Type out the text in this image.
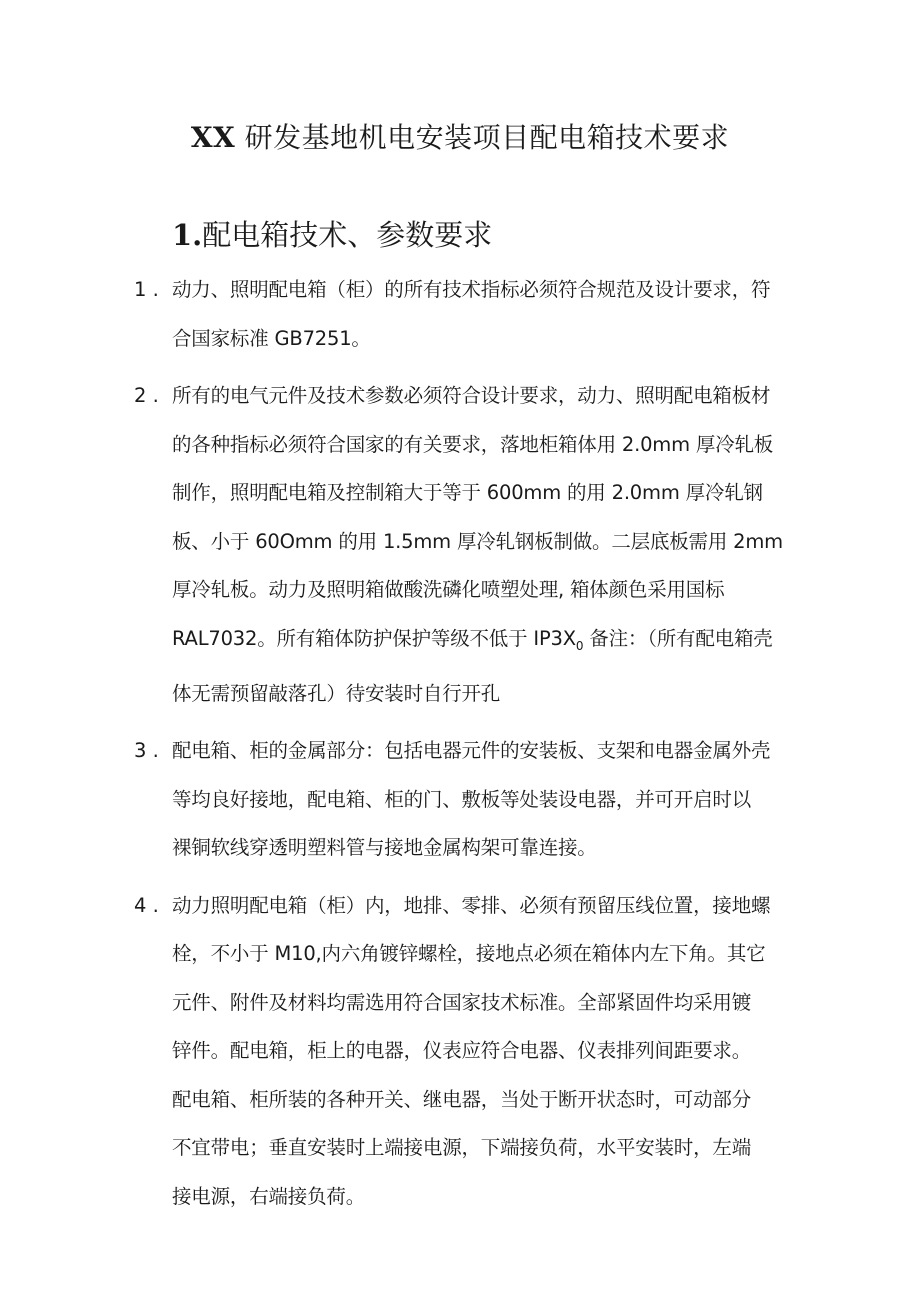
XX 研发基地机电安装项目配电箱技术要求
1.配电箱技术、参数要求
1 . 动力、照明配电箱（柜）的所有技术指标必须符合规范及设计要求，符
合国家标准 GB7251。
2 . 所有的电气元件及技术参数必须符合设计要求，动力、照明配电箱板材
的各种指标必须符合国家的有关要求，落地柜箱体用 2.0mm 厚冷轧板
制作，照明配电箱及控制箱大于等于 600mm 的用 2.0mm 厚冷轧钢
板、小于 60Omm 的用 1.5mm 厚冷轧钢板制做。二层底板需用 2mm
厚冷轧板。动力及照明箱做酸洗磷化喷塑处理, 箱体颜色采用国标
RAL7032。所有箱体防护保护等级不低于 $IP3X_0$ 备注：（所有配电箱壳
体无需预留敲落孔）待安装时自行开孔
3 . 配电箱、柜的金属部分：包括电器元件的安装板、支架和电器金属外壳
等均良好接地，配电箱、柜的门、敷板等处装设电器，并可开启时以
裸铜软线穿透明塑料管与接地金属构架可靠连接。
4 . 动力照明配电箱（柜）内，地排、零排、必须有预留压线位置，接地螺
栓，不小于 M10,内六角镀锌螺栓，接地点必须在箱体内左下角。其它
元件、附件及材料均需选用符合国家技术标准。全部紧固件均采用镀
锌件。配电箱，柜上的电器，仪表应符合电器、仪表排列间距要求。
配电箱、柜所装的各种开关、继电器，当处于断开状态时，可动部分
不宜带电；垂直安装时上端接电源，下端接负荷，水平安装时，左端
接电源，右端接负荷。
